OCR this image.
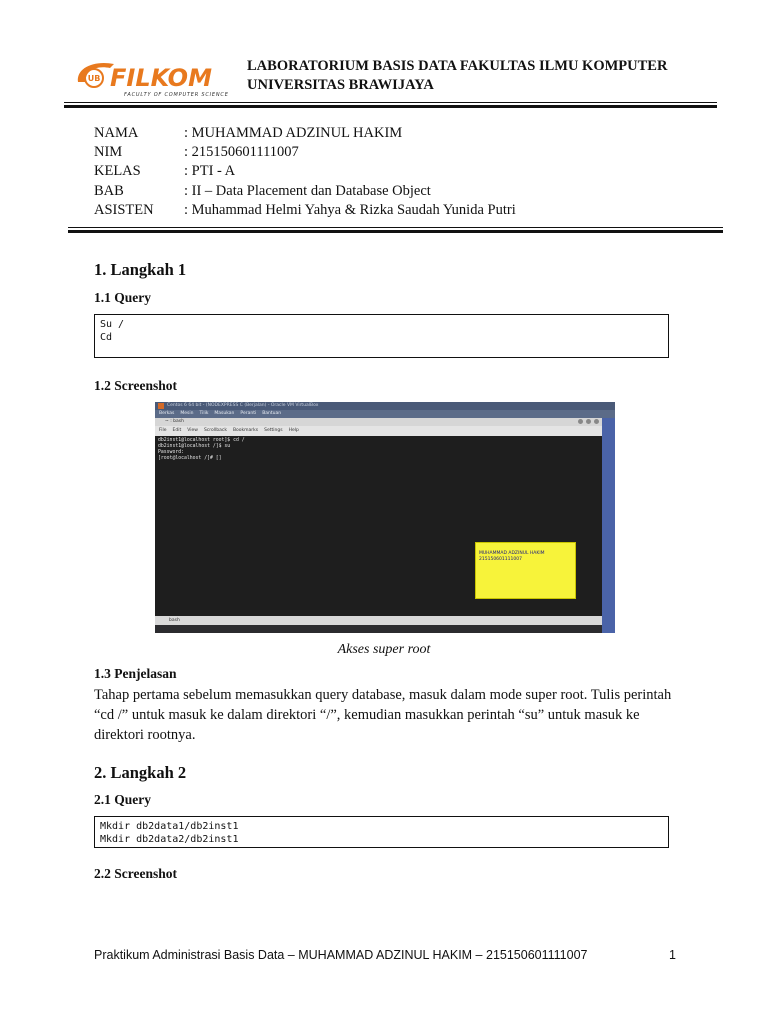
UB FILKOM
FACULTY OF COMPUTER SCIENCE
LABORATORIUM BASIS DATA FAKULTAS ILMU KOMPUTER
UNIVERSITAS BRAWIJAYA
NAMA	: MUHAMMAD ADZINUL HAKIM
NIM	: 215150601111007
KELAS	: PTI - A
BAB	: II – Data Placement dan Database Object
ASISTEN	: Muhammad Helmi Yahya & Rizka Saudah Yunida Putri
1. Langkah 1
1.1 Query
Su /
Cd
1.2 Screenshot
Centos 6 64 bit - (NODEXPRESS C (Berjalan) - Oracle VM VirtualBox
Berkas Mesin Tilik Masukan Peranti Bantuan
~ : bash
File Edit View Scrollback Bookmarks Settings Help
db2inst1@localhost root]$ cd /
db2inst1@localhost /]$ su
Password:
[root@localhost /]# []
bash
MUHAMMAD ADZINUL HAKIM
215150601111007
Akses super root
1.3 Penjelasan
Tahap pertama sebelum memasukkan query database, masuk dalam mode super root. Tulis perintah “cd /” untuk masuk ke dalam direktori “/”, kemudian masukkan perintah “su” untuk masuk ke direktori rootnya.
2. Langkah 2
2.1 Query
Mkdir db2data1/db2inst1
Mkdir db2data2/db2inst1
2.2 Screenshot
Praktikum Administrasi Basis Data – MUHAMMAD ADZINUL HAKIM – 215150601111007	1
